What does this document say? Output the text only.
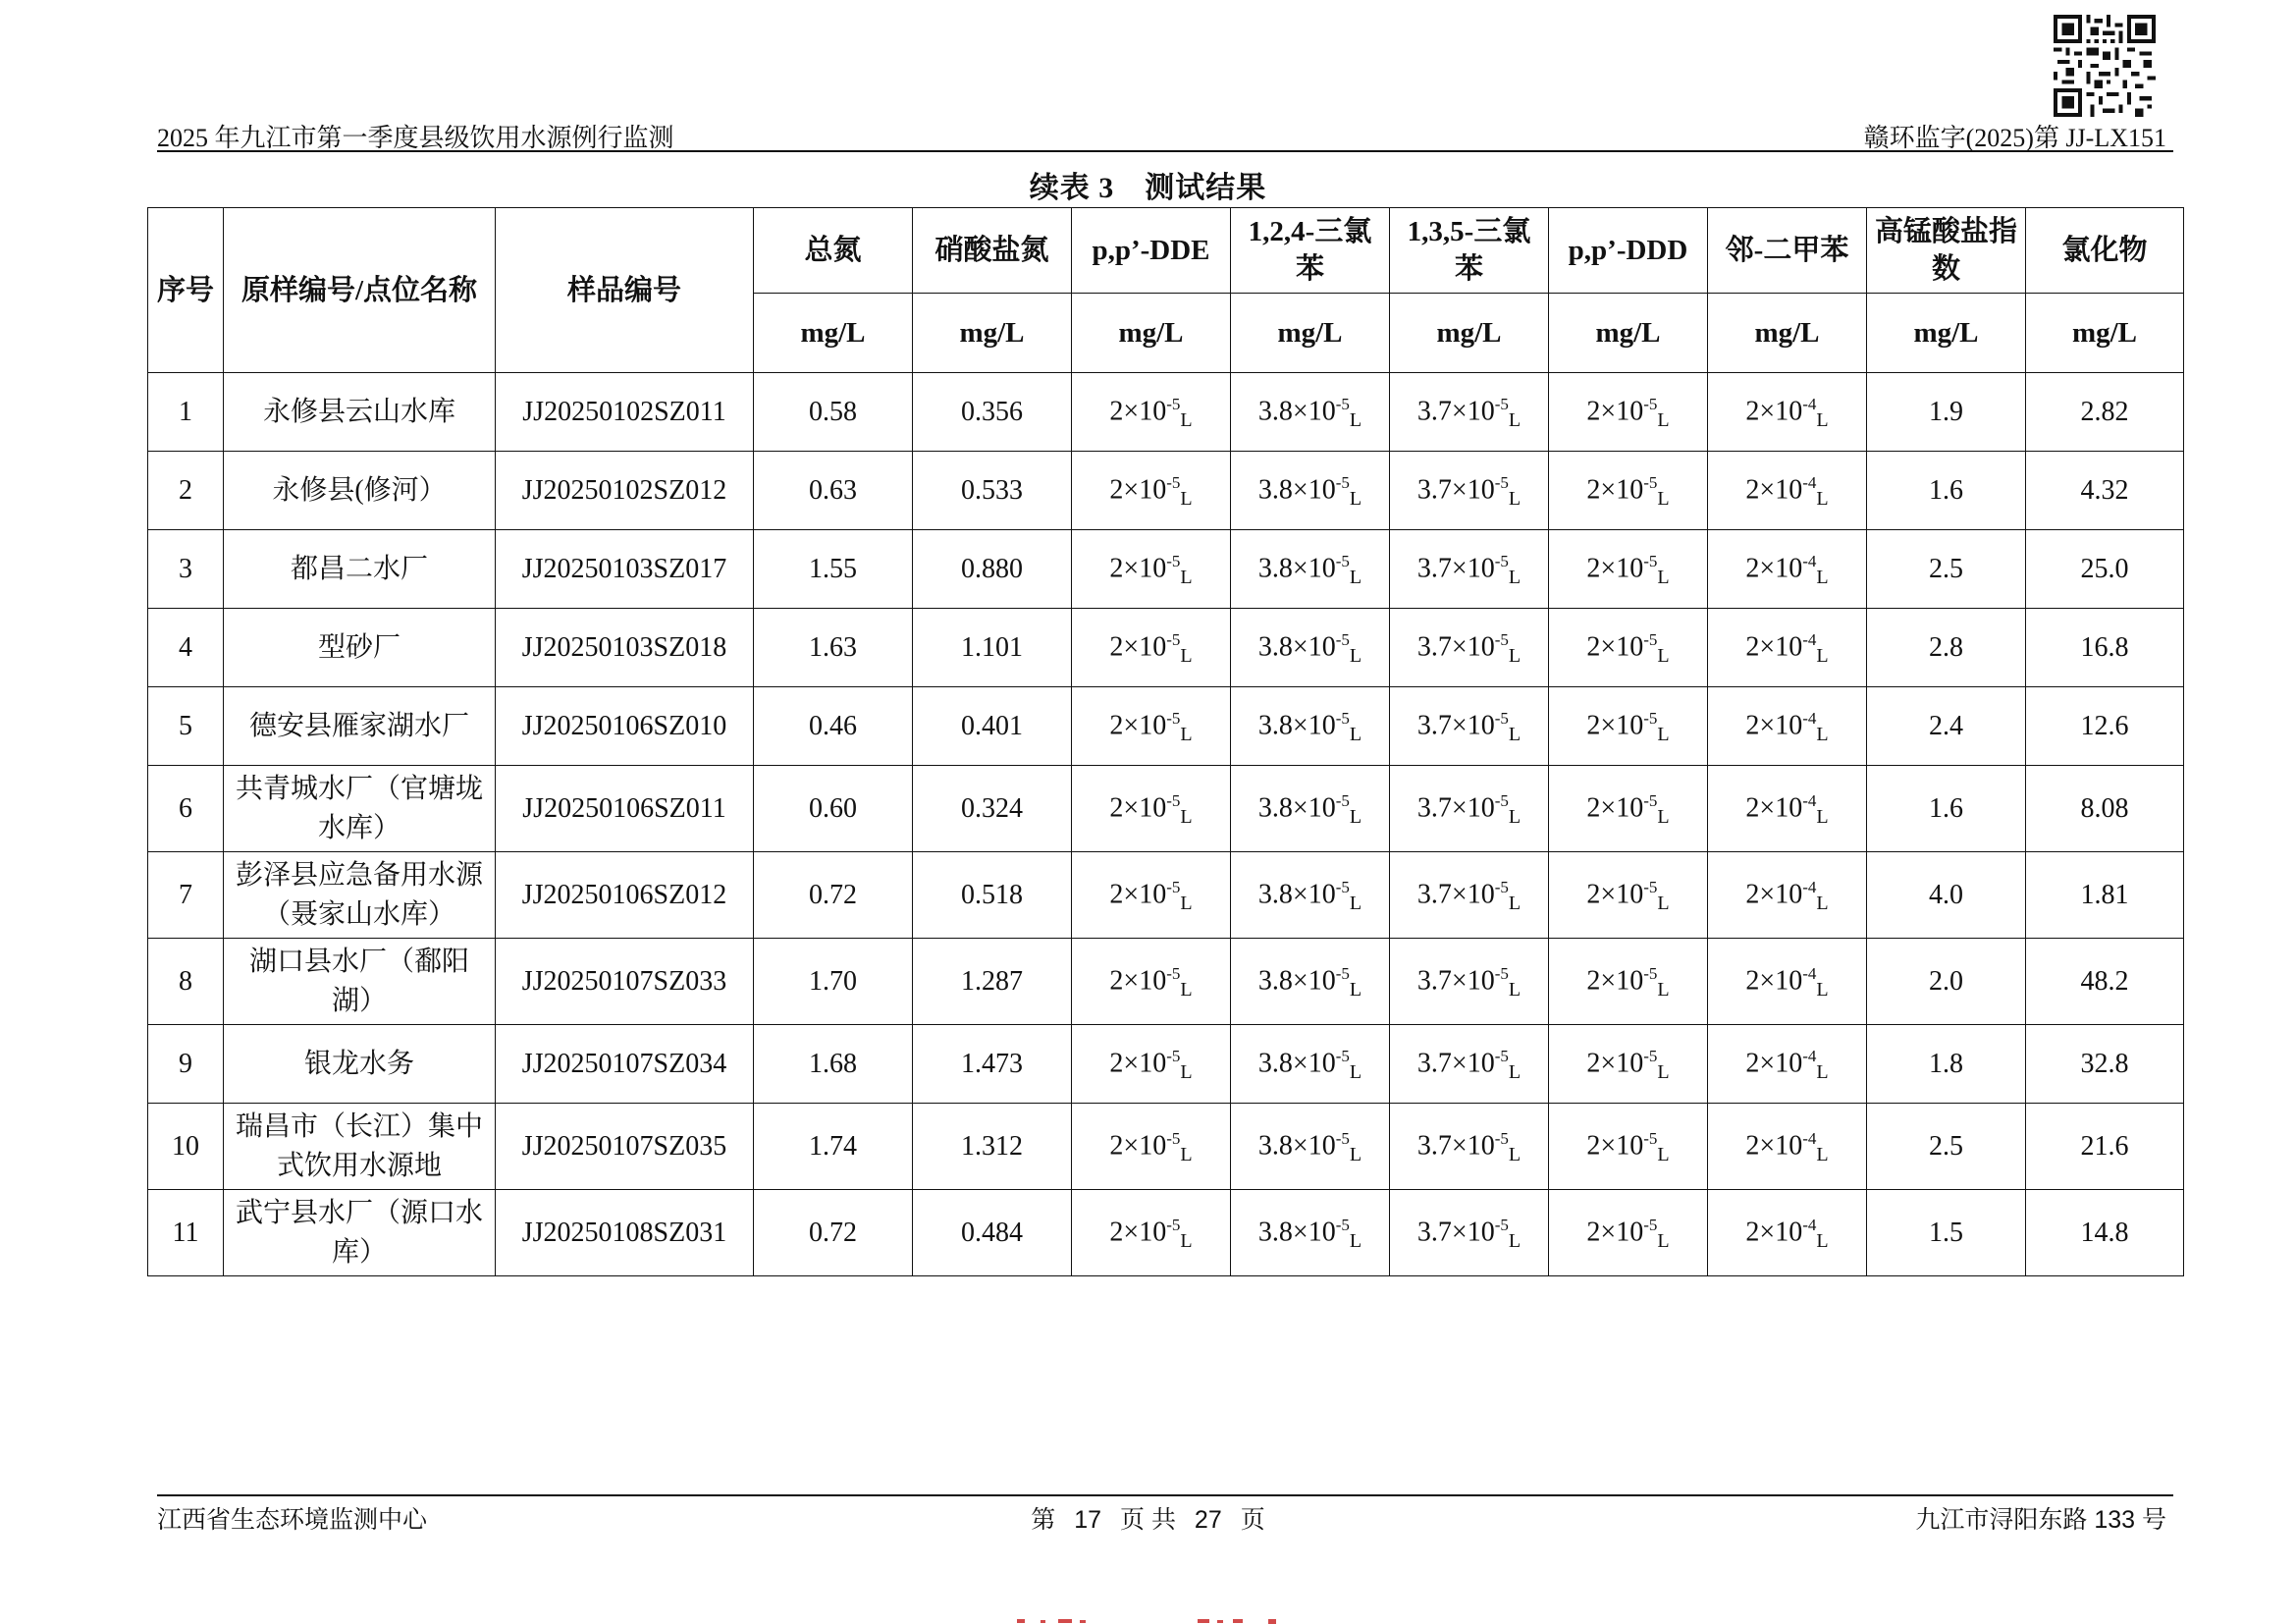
2025 年九江市第一季度县级饮用水源例行监测	赣环监字(2025)第 JJ-LX151
续表 3　测试结果
序号	原样编号/点位名称	样品编号	总氮	硝酸盐氮	p,p’-DDE	1,2,4-三氯苯	1,3,5-三氯苯	p,p’-DDD	邻-二甲苯	高锰酸盐指数	氯化物
			mg/L	mg/L	mg/L	mg/L	mg/L	mg/L	mg/L	mg/L	mg/L
1	永修县云山水库	JJ20250102SZ011	0.58	0.356	$2\times 10^{-5}_L$	$3.8\times 10^{-5}_L$	$3.7\times 10^{-5}_L$	$2\times 10^{-5}_L$	$2\times 10^{-4}_L$	1.9	2.82
2	永修县(修河）	JJ20250102SZ012	0.63	0.533	$2\times 10^{-5}_L$	$3.8\times 10^{-5}_L$	$3.7\times 10^{-5}_L$	$2\times 10^{-5}_L$	$2\times 10^{-4}_L$	1.6	4.32
3	都昌二水厂	JJ20250103SZ017	1.55	0.880	$2\times 10^{-5}_L$	$3.8\times 10^{-5}_L$	$3.7\times 10^{-5}_L$	$2\times 10^{-5}_L$	$2\times 10^{-4}_L$	2.5	25.0
4	型砂厂	JJ20250103SZ018	1.63	1.101	$2\times 10^{-5}_L$	$3.8\times 10^{-5}_L$	$3.7\times 10^{-5}_L$	$2\times 10^{-5}_L$	$2\times 10^{-4}_L$	2.8	16.8
5	德安县雁家湖水厂	JJ20250106SZ010	0.46	0.401	$2\times 10^{-5}_L$	$3.8\times 10^{-5}_L$	$3.7\times 10^{-5}_L$	$2\times 10^{-5}_L$	$2\times 10^{-4}_L$	2.4	12.6
6	共青城水厂（官塘垅水库）	JJ20250106SZ011	0.60	0.324	$2\times 10^{-5}_L$	$3.8\times 10^{-5}_L$	$3.7\times 10^{-5}_L$	$2\times 10^{-5}_L$	$2\times 10^{-4}_L$	1.6	8.08
7	彭泽县应急备用水源（聂家山水库）	JJ20250106SZ012	0.72	0.518	$2\times 10^{-5}_L$	$3.8\times 10^{-5}_L$	$3.7\times 10^{-5}_L$	$2\times 10^{-5}_L$	$2\times 10^{-4}_L$	4.0	1.81
8	湖口县水厂（鄱阳湖）	JJ20250107SZ033	1.70	1.287	$2\times 10^{-5}_L$	$3.8\times 10^{-5}_L$	$3.7\times 10^{-5}_L$	$2\times 10^{-5}_L$	$2\times 10^{-4}_L$	2.0	48.2
9	银龙水务	JJ20250107SZ034	1.68	1.473	$2\times 10^{-5}_L$	$3.8\times 10^{-5}_L$	$3.7\times 10^{-5}_L$	$2\times 10^{-5}_L$	$2\times 10^{-4}_L$	1.8	32.8
10	瑞昌市（长江）集中式饮用水源地	JJ20250107SZ035	1.74	1.312	$2\times 10^{-5}_L$	$3.8\times 10^{-5}_L$	$3.7\times 10^{-5}_L$	$2\times 10^{-5}_L$	$2\times 10^{-4}_L$	2.5	21.6
11	武宁县水厂（源口水库）	JJ20250108SZ031	0.72	0.484	$2\times 10^{-5}_L$	$3.8\times 10^{-5}_L$	$3.7\times 10^{-5}_L$	$2\times 10^{-5}_L$	$2\times 10^{-4}_L$	1.5	14.8
江西省生态环境监测中心	第 17 页 共 27 页	九江市浔阳东路 133 号
